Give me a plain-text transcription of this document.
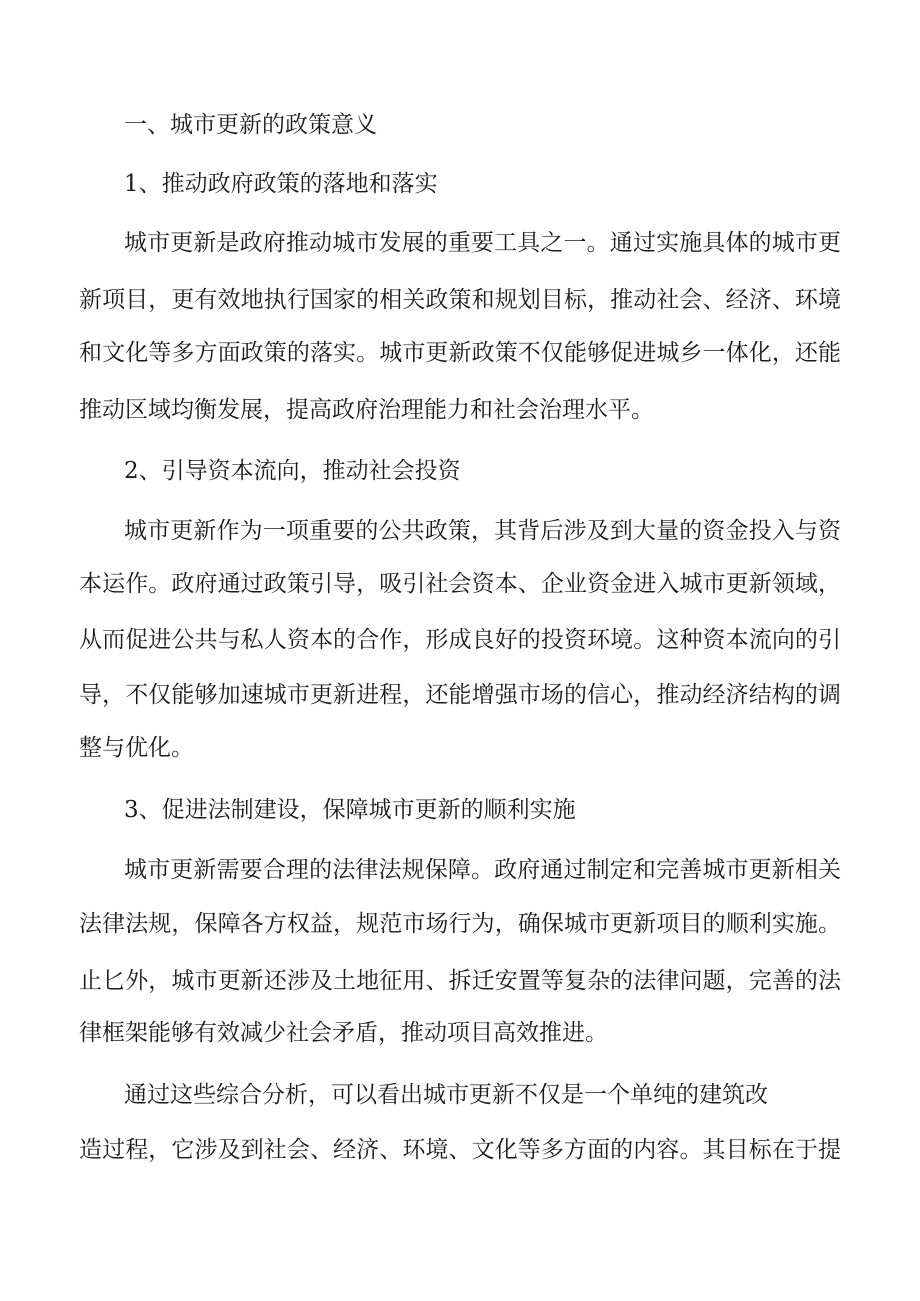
一、城市更新的政策意义
1、推动政府政策的落地和落实
城市更新是政府推动城市发展的重要工具之一。通过实施具体的城市更
新项目，更有效地执行国家的相关政策和规划目标，推动社会、经济、环境
和文化等多方面政策的落实。城市更新政策不仅能够促进城乡一体化，还能
推动区域均衡发展，提高政府治理能力和社会治理水平。
2、引导资本流向，推动社会投资
城市更新作为一项重要的公共政策，其背后涉及到大量的资金投入与资
本运作。政府通过政策引导，吸引社会资本、企业资金进入城市更新领域，
从而促进公共与私人资本的合作，形成良好的投资环境。这种资本流向的引
导，不仅能够加速城市更新进程，还能增强市场的信心，推动经济结构的调
整与优化。
3、促进法制建设，保障城市更新的顺利实施
城市更新需要合理的法律法规保障。政府通过制定和完善城市更新相关
法律法规，保障各方权益，规范市场行为，确保城市更新项目的顺利实施。
止匕外，城市更新还涉及土地征用、拆迁安置等复杂的法律问题，完善的法
律框架能够有效减少社会矛盾，推动项目高效推进。
通过这些综合分析，可以看出城市更新不仅是一个单纯的建筑改
造过程，它涉及到社会、经济、环境、文化等多方面的内容。其目标在于提
